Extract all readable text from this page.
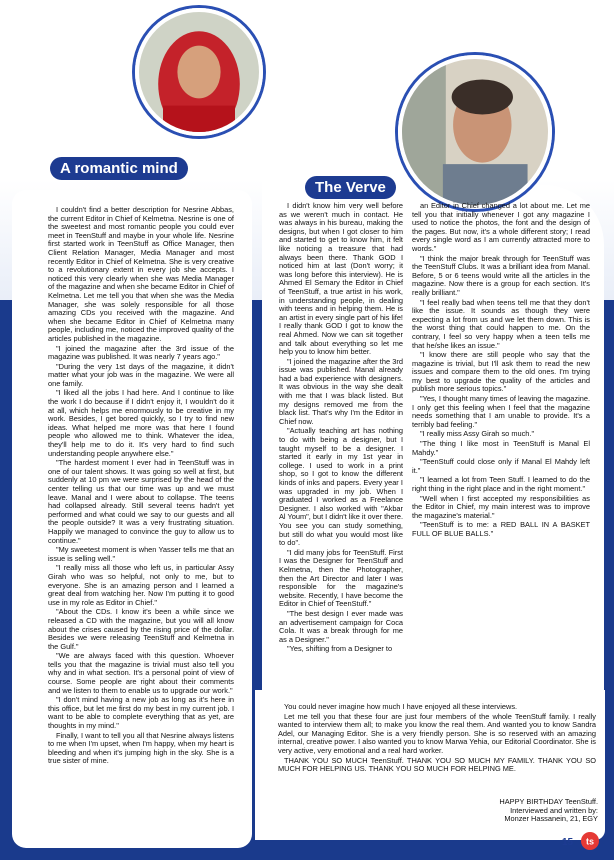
A romantic mind
The Verve

I couldn't find a better description for Nesrine Abbas, the current Editor in Chief of Kelmetna. Nesrine is one of the sweetest and most romantic people you could ever meet in TeenStuff and maybe in your whole life. Nesrine first started work in TeenStuff as Office Manager, then Client Relation Manager, Media Manager and most recently Editor in Chief of Kelmetna. She is very creative to a revolutionary extent in every job she accepts. I noticed this very clearly when she was Media Manager of the magazine and when she became Editor in Chief of Kelmetna. Let me tell you that when she was the Media Manager, she was solely responsible for all those amazing CDs you received with the magazine. And when she became Editor in Chief of Kelmetna many people, including me, noticed the improved quality of the articles published in the magazine.

"I joined the magazine after the 3rd issue of the magazine was published. It was nearly 7 years ago."

"During the very 1st days of the magazine, it didn't matter what your job was in the magazine. We were all one family.

"I liked all the jobs I had here. And I continue to like the work I do because if I didn't enjoy it, I wouldn't do it at all, which helps me enormously to be creative in my work. Besides, I get bored quickly, so I try to find new ideas. What helped me more was that here I found people who allowed me to think. Whatever the idea, they'll help me to do it. It's very hard to find such understanding people anywhere else."

"The hardest moment I ever had in TeenStuff was in one of our talent shows. It was going so well at first, but suddenly at 10 pm we were surprised by the head of the center telling us that our time was up and we must leave. Manal and I were about to collapse. The teens had collapsed already. Still several teens hadn't yet performed and what could we say to our guests and all the people outside? It was a very frustrating situation. Happily we managed to convince the guy to allow us to continue."

"My sweetest moment is when Yasser tells me that an issue is selling well."

"I really miss all those who left us, in particular Assy Girah who was so helpful, not only to me, but to everyone. She is an amazing person and I learned a great deal from watching her. Now I'm putting it to good use in my role as Editor in Chief."

"About the CDs. I know it's been a while since we released a CD with the magazine, but you will all know about the crises caused by the rising price of the dollar. Besides we were releasing TeenStuff and Kelmetna in the Gulf."

"We are always faced with this question. Whoever tells you that the magazine is trivial must also tell you why and in what section. It's a personal point of view of course. Some people are right about their comments and we listen to them to enable us to upgrade our work."

"I don't mind having a new job as long as it's here in this office, but let me first do my best in my current job. I want to be able to complete everything that as yet, are thoughts in my mind."

Finally, I want to tell you all that Nesrine always listens to me when I'm upset, when I'm happy, when my heart is bleeding and when it's jumping high in the sky. She is a true sister of mine.

I didn't know him very well before as we weren't much in contact. He was always in his bureau, making the designs, but when I got closer to him and started to get to know him, it felt like noticing a treasure that had always been there. Thank GOD I noticed him at last (Don't worry; it was long before this interview). He is Ahmed El Semary the Editor in Chief of TeenStuff, a true artist in his work, in understanding people, in dealing with teens and in helping them. He is an artist in every single part of his life! I really thank GOD I got to know the real Ahmed. Now we can sit together and talk about everything so let me help you to know him better.

"I joined the magazine after the 3rd issue was published. Manal already had a bad experience with designers. It was obvious in the way she dealt with me that I was black listed. But my designs removed me from the black list. That's why I'm the Editor in Chief now.

"Actually teaching art has nothing to do with being a designer, but I taught myself to be a designer. I started it early in my 1st year in college. I used to work in a print shop, so I got to know the different kinds of inks and papers. Every year I was upgraded in my job. When I graduated I worked as a Freelance Designer. I also worked with "Akbar Al Youm", but I didn't like it over there. You see you can study something, but still do what you would most like to do".

"I did many jobs for TeenStuff. First I was the Designer for TeenStuff and Kelmetna, then the Photographer, then the Art Director and later I was responsible for the magazine's website. Recently, I have become the Editor in Chief of TeenStuff."

"The best design I ever made was an advertisement campaign for Coca Cola. It was a break through for me as a Designer."

"Yes, shifting from a Designer to

an Editor in Chief changed a lot about me. Let me tell you that initially whenever I got any magazine I used to notice the photos, the font and the design of the pages. But now, it's a whole different story; I read every single word as I am currently attracted more to words."

"I think the major break through for TeenStuff was the TeenStuff Clubs. It was a brilliant idea from Manal. Before, 5 or 6 teens would write all the articles in the magazine. Now there is a group for each section. It's really brilliant."

"I feel really bad when teens tell me that they don't like the issue. It sounds as though they were expecting a lot from us and we let them down. This is the worst thing that could happen to me. On the contrary, I feel so very happy when a teen tells me that he/she likes an issue."

"I know there are still people who say that the magazine is trivial, but I'll ask them to read the new issues and compare them to the old ones. I'm trying my best to upgrade the quality of the articles and publish more serious topics."

"Yes, I thought many times of leaving the magazine. I only get this feeling when I feel that the magazine needs something that I am unable to provide. It's a terribly bad feeling."

"I really miss Assy Girah so much."

"The thing I like most in TeenStuff is Manal El Mahdy."

"TeenStuff could close only if Manal El Mahdy left it."

"I learned a lot from Teen Stuff. I learned to do the right thing in the right place and in the right moment."

"Well when I first accepted my responsibilities as the Editor in Chief, my main interest was to improve the magazine's material."

"TeenStuff is to me: a RED BALL IN A BASKET FULL OF BLUE BALLS."

You could never imagine how much I have enjoyed all these interviews.

Let me tell you that these four are just four members of the whole TeenStuff family. I really wanted to interview them all; to make you know the real them. And wanted you to know Sandra Adel, our Managing Editor. She is a very friendly person. She is so reserved with an amazing internal, creative power. I also wanted you to know Marwa Yehia, our Editorial Coordinator. She is very active, very emotional and a real hard worker.

THANK YOU SO MUCH TeenStuff. THANK YOU SO MUCH MY FAMILY. THANK YOU SO MUCH FOR HELPING US. THANK YOU SO MUCH FOR HELPING ME.

HAPPY BIRTHDAY TeenStuff.
Interviewed and written by:
Monzer Hassanein, 21, EGY
15 ts
